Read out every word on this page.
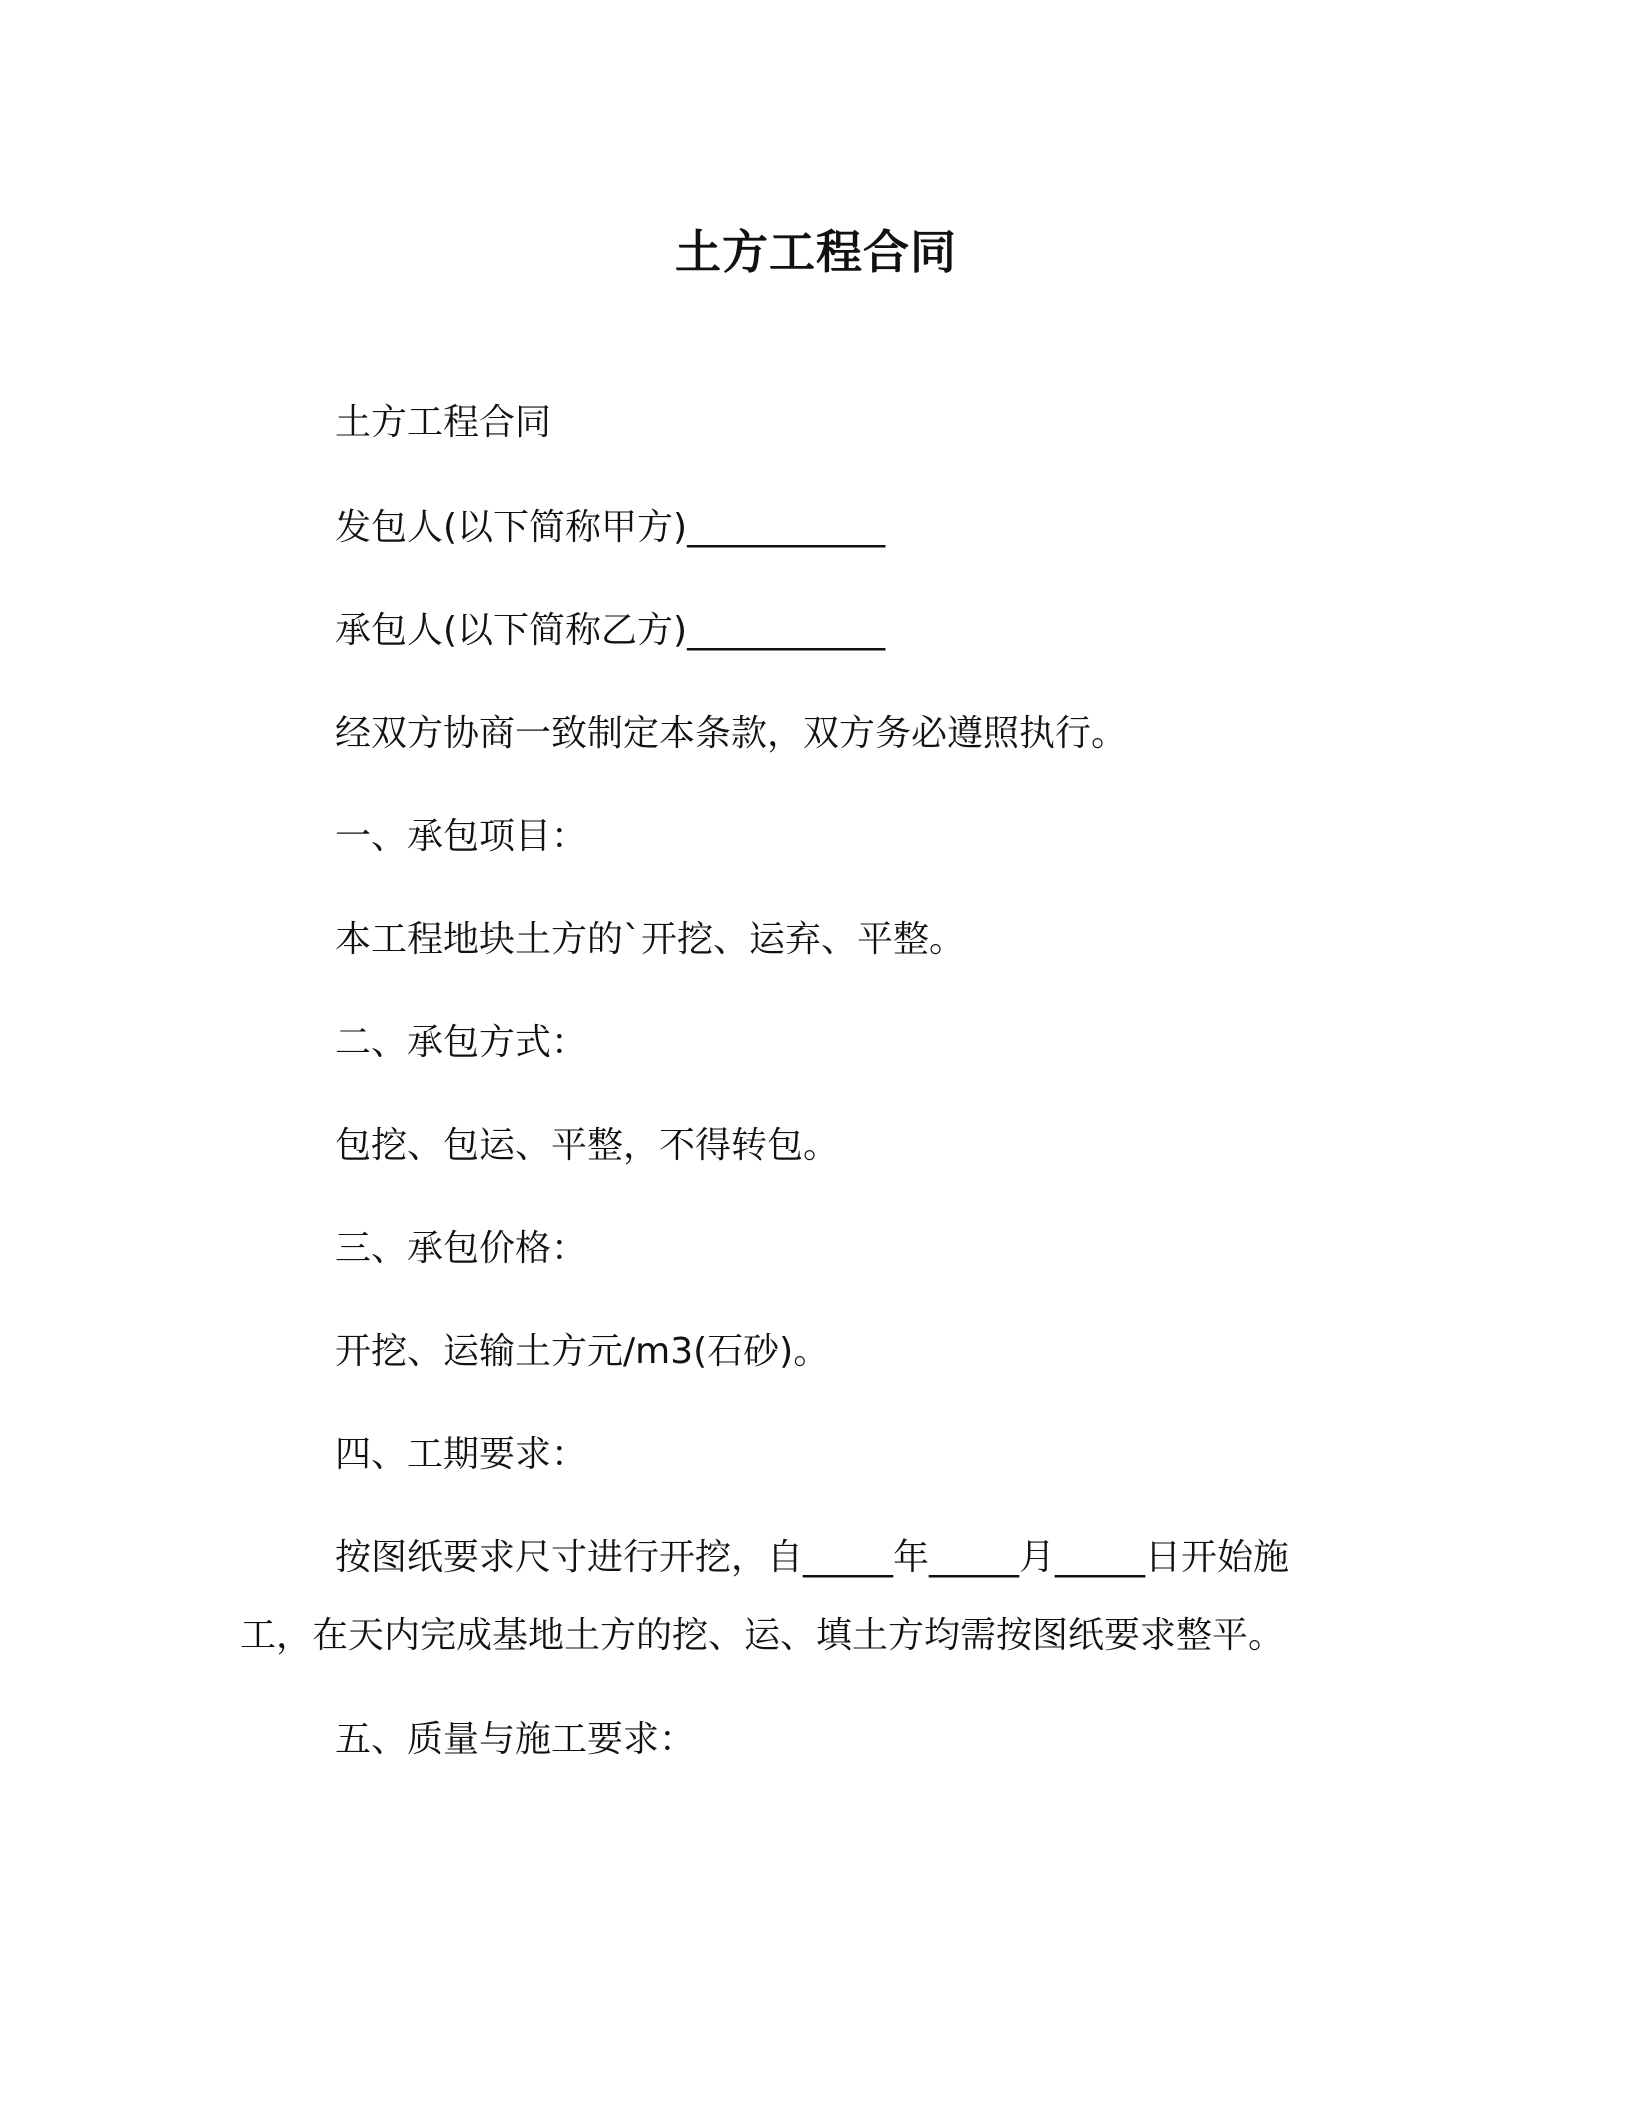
土方工程合同
土方工程合同
发包人(以下简称甲方)___________
承包人(以下简称乙方)___________
经双方协商一致制定本条款，双方务必遵照执行。
一、承包项目：
本工程地块土方的`开挖、运弃、平整。
二、承包方式：
包挖、包运、平整，不得转包。
三、承包价格：
开挖、运输土方元/m3(石砂)。
四、工期要求：
按图纸要求尺寸进行开挖，自_____年_____月_____日开始施工，在天内完成基地土方的挖、运、填土方均需按图纸要求整平。
五、质量与施工要求：
